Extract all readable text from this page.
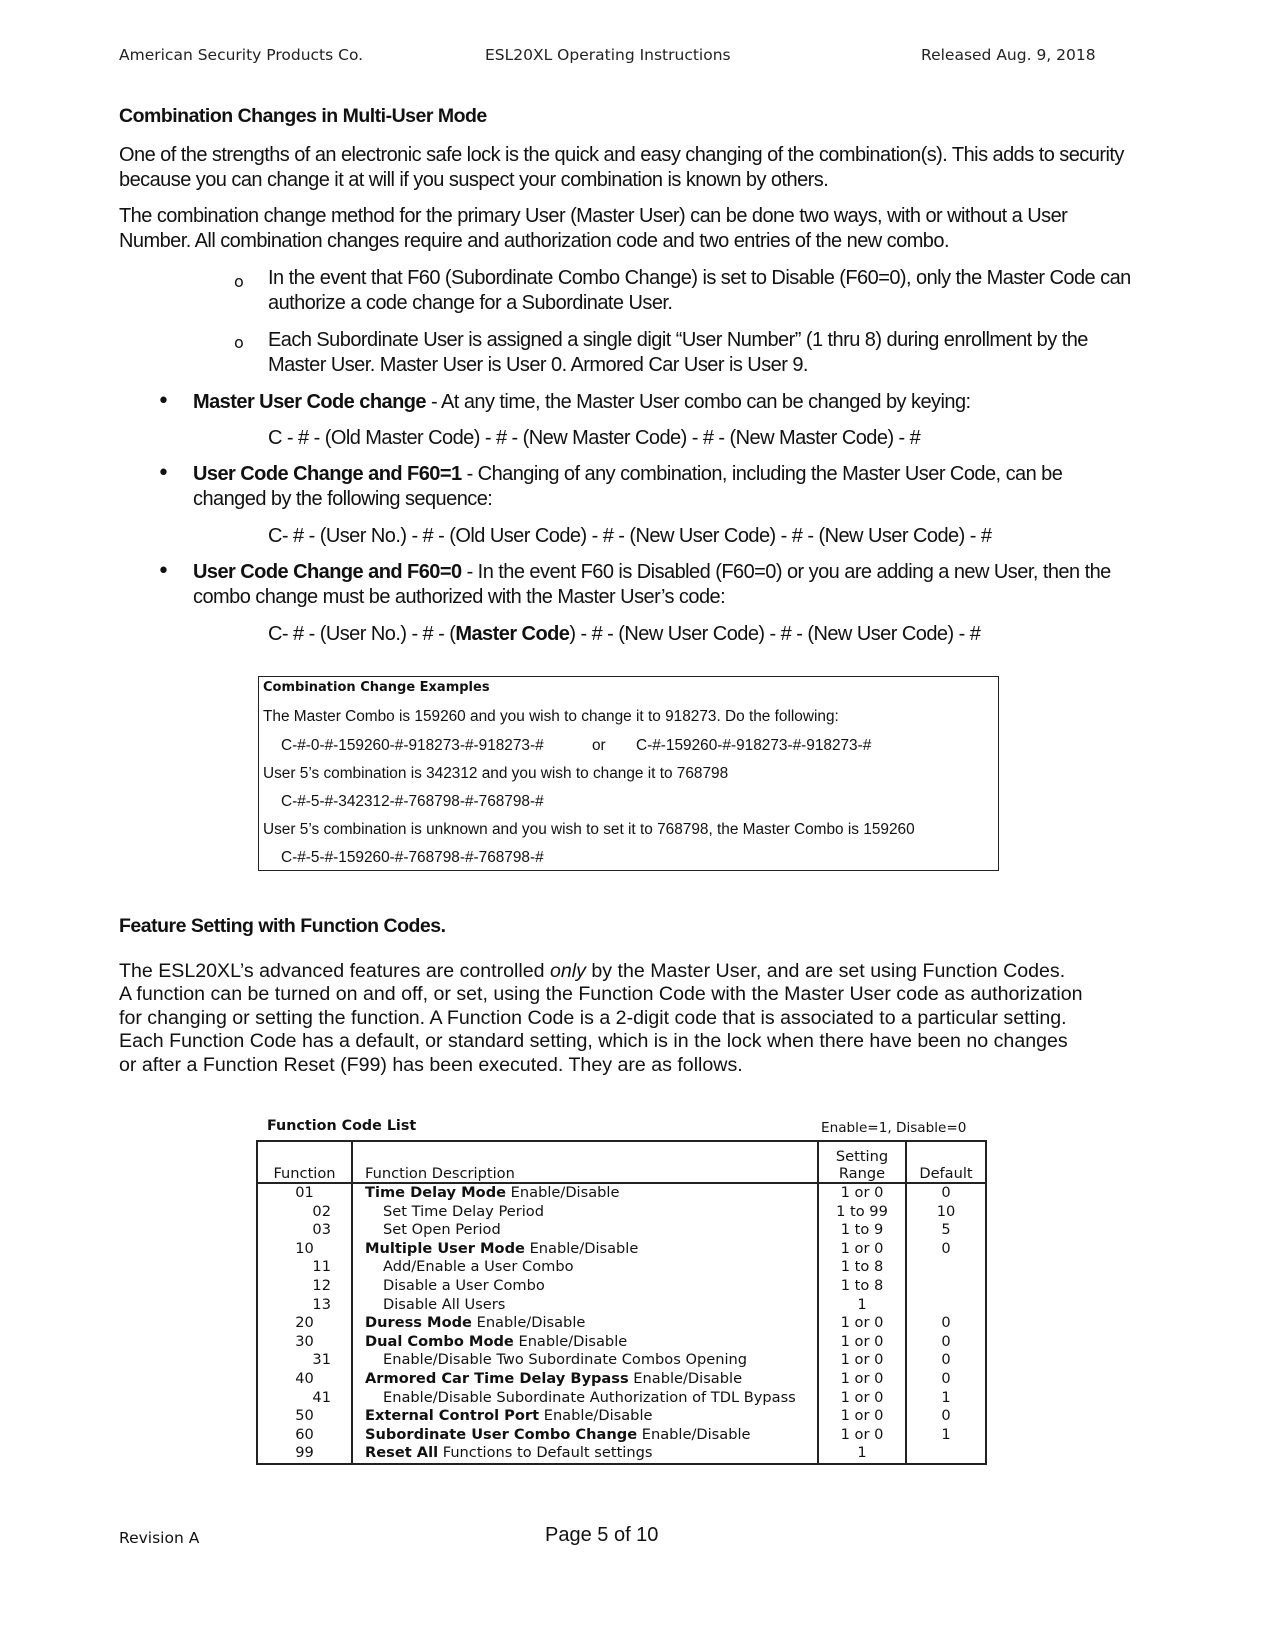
American Security Products Co.	ESL20XL Operating Instructions	Released Aug. 9, 2018
Combination Changes in Multi-User Mode
One of the strengths of an electronic safe lock is the quick and easy changing of the combination(s). This adds to security
because you can change it at will if you suspect your combination is known by others.
The combination change method for the primary User (Master User) can be done two ways, with or without a User
Number. All combination changes require and authorization code and two entries of the new combo.
o In the event that F60 (Subordinate Combo Change) is set to Disable (F60=0), only the Master Code can
authorize a code change for a Subordinate User.
o Each Subordinate User is assigned a single digit “User Number” (1 thru 8) during enrollment by the
Master User. Master User is User 0. Armored Car User is User 9.
• Master User Code change - At any time, the Master User combo can be changed by keying:
C - # - (Old Master Code) - # - (New Master Code) - # - (New Master Code) - #
• User Code Change and F60=1 - Changing of any combination, including the Master User Code, can be
changed by the following sequence:
C- # - (User No.) - # - (Old User Code) - # - (New User Code) - # - (New User Code) - #
• User Code Change and F60=0 - In the event F60 is Disabled (F60=0) or you are adding a new User, then the
combo change must be authorized with the Master User’s code:
C- # - (User No.) - # - (Master Code) - # - (New User Code) - # - (New User Code) - #
Combination Change Examples
The Master Combo is 159260 and you wish to change it to 918273. Do the following:
C-#-0-#-159260-#-918273-#-918273-#	or C-#-159260-#-918273-#-918273-#
User 5’s combination is 342312 and you wish to change it to 768798
C-#-5-#-342312-#-768798-#-768798-#
User 5’s combination is unknown and you wish to set it to 768798, the Master Combo is 159260
C-#-5-#-159260-#-768798-#-768798-#
Feature Setting with Function Codes.
The ESL20XL’s advanced features are controlled only by the Master User, and are set using Function Codes.
A function can be turned on and off, or set, using the Function Code with the Master User code as authorization
for changing or setting the function. A Function Code is a 2-digit code that is associated to a particular setting.
Each Function Code has a default, or standard setting, which is in the lock when there have been no changes
or after a Function Reset (F99) has been executed. They are as follows.
Function Code List	Enable=1, Disable=0
Function	Function Description	Setting
Range	Default
01	Time Delay Mode Enable/Disable	1 or 0	0
02	Set Time Delay Period	1 to 99	10
03	Set Open Period	1 to 9	5
10	Multiple User Mode Enable/Disable	1 or 0	0
11	Add/Enable a User Combo	1 to 8	
12	Disable a User Combo	1 to 8	
13	Disable All Users	1	
20	Duress Mode Enable/Disable	1 or 0	0
30	Dual Combo Mode Enable/Disable	1 or 0	0
31	Enable/Disable Two Subordinate Combos Opening	1 or 0	0
40	Armored Car Time Delay Bypass Enable/Disable	1 or 0	0
41	Enable/Disable Subordinate Authorization of TDL Bypass	1 or 0	1
50	External Control Port Enable/Disable	1 or 0	0
60	Subordinate User Combo Change Enable/Disable	1 or 0	1
99	Reset All Functions to Default settings	1	
Revision A	Page 5 of 10
